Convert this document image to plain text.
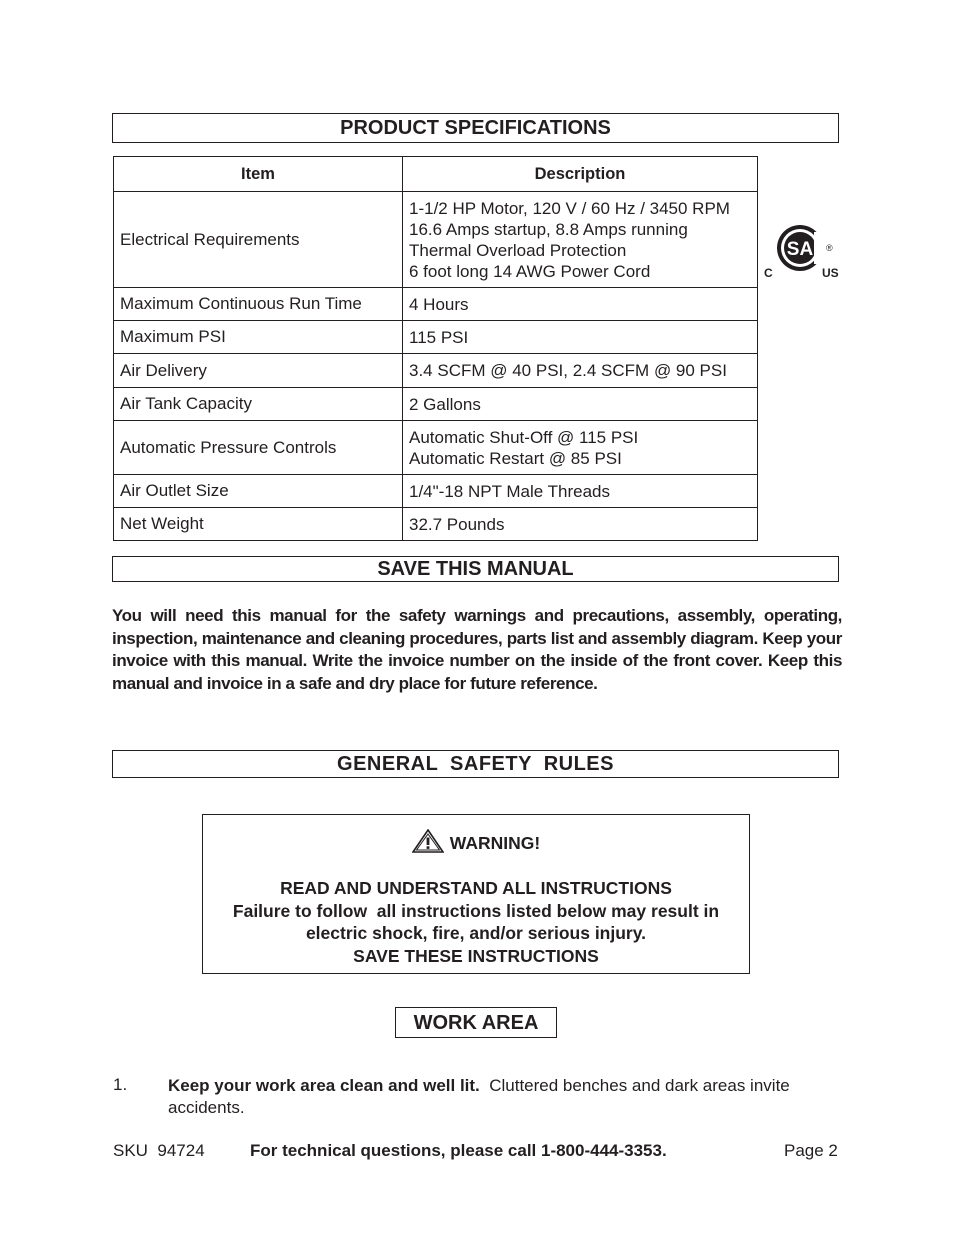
PRODUCT SPECIFICATIONS
Item	Description
Electrical Requirements	1-1/2 HP Motor, 120 V / 60 Hz / 3450 RPM
16.6 Amps startup, 8.8 Amps running
Thermal Overload Protection
6 foot long 14 AWG Power Cord

Maximum Continuous Run Time	4 Hours
Maximum PSI	115 PSI
Air Delivery	3.4 SCFM @ 40 PSI, 2.4 SCFM @ 90 PSI
Air Tank Capacity	2 Gallons
Automatic Pressure Controls	Automatic Shut-Off @ 115 PSI
Automatic Restart @ 85 PSI

Air Outlet Size	1/4"-18 NPT Male Threads
Net Weight	32.7 Pounds
SA ®
C	US
SAVE THIS MANUAL
You will need this manual for the safety warnings and precautions, assembly, operating, inspection, maintenance and cleaning procedures, parts list and assembly diagram. Keep your invoice with this manual. Write the invoice number on the inside of the front cover. Keep this manual and invoice in a safe and dry place for future reference.
GENERAL  SAFETY  RULES
WARNING!
READ AND UNDERSTAND ALL INSTRUCTIONS
Failure to follow  all instructions listed below may result in
electric shock, fire, and/or serious injury.
SAVE THESE INSTRUCTIONS
WORK AREA
1. Keep your work area clean and well lit.  Cluttered benches and dark areas invite accidents.
SKU  94724	For technical questions, please call 1-800-444-3353.	Page 2
